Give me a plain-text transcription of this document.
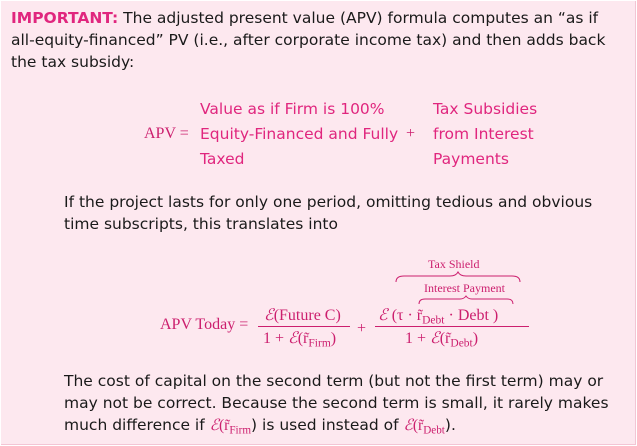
IMPORTANT: The adjusted present value (APV) formula computes an “as if all-equity-financed” PV (i.e., after corporate income tax) and then adds back the tax subsidy:

APV =
Value as if Firm is 100%
Equity-Financed and Fully
Taxed
+
Tax Subsidies
from Interest
Payments

If the project lasts for only one period, omitting tedious and obvious time subscripts, this translates into

APV Today =
ℰ(Future C)
$1 + ℰ(r̃_{Firm})$
+
ℰ ($\tau \cdot r̃_{Debt}$ · Debt )
$1 + ℰ(r̃_{Debt})$
Tax Shield
Interest Payment

The cost of capital on the second term (but not the first term) may or may not be correct. Because the second term is small, it rarely makes much difference if $ℰ(r̃_{Firm})$ is used instead of $ℰ(r̃_{Debt})$.
